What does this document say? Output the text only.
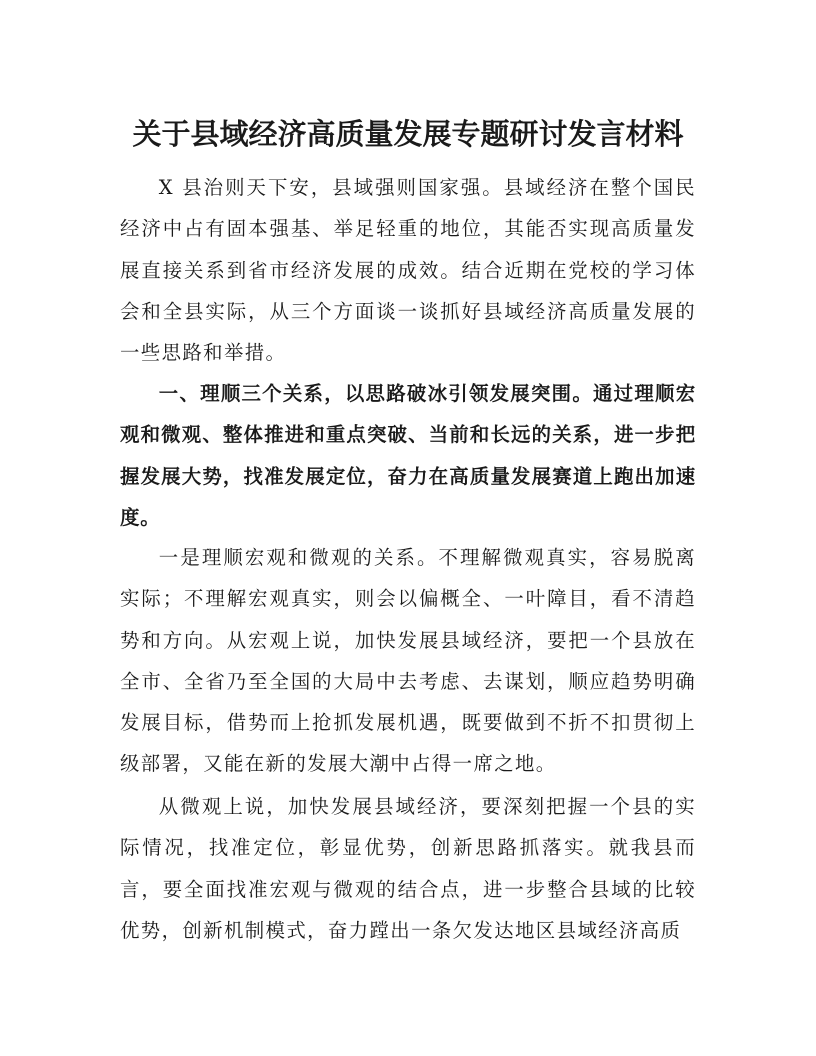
关于县域经济高质量发展专题研讨发言材料

X 县治则天下安，县域强则国家强。县域经济在整个国民经济中占有固本强基、举足轻重的地位，其能否实现高质量发展直接关系到省市经济发展的成效。结合近期在党校的学习体会和全县实际，从三个方面谈一谈抓好县域经济高质量发展的一些思路和举措。

一、理顺三个关系，以思路破冰引领发展突围。通过理顺宏观和微观、整体推进和重点突破、当前和长远的关系，进一步把握发展大势，找准发展定位，奋力在高质量发展赛道上跑出加速度。

一是理顺宏观和微观的关系。不理解微观真实，容易脱离实际；不理解宏观真实，则会以偏概全、一叶障目，看不清趋势和方向。从宏观上说，加快发展县域经济，要把一个县放在全市、全省乃至全国的大局中去考虑、去谋划，顺应趋势明确发展目标，借势而上抢抓发展机遇，既要做到不折不扣贯彻上级部署，又能在新的发展大潮中占得一席之地。

从微观上说，加快发展县域经济，要深刻把握一个县的实际情况，找准定位，彰显优势，创新思路抓落实。就我县而言，要全面找准宏观与微观的结合点，进一步整合县域的比较优势，创新机制模式，奋力蹚出一条欠发达地区县域经济高质
